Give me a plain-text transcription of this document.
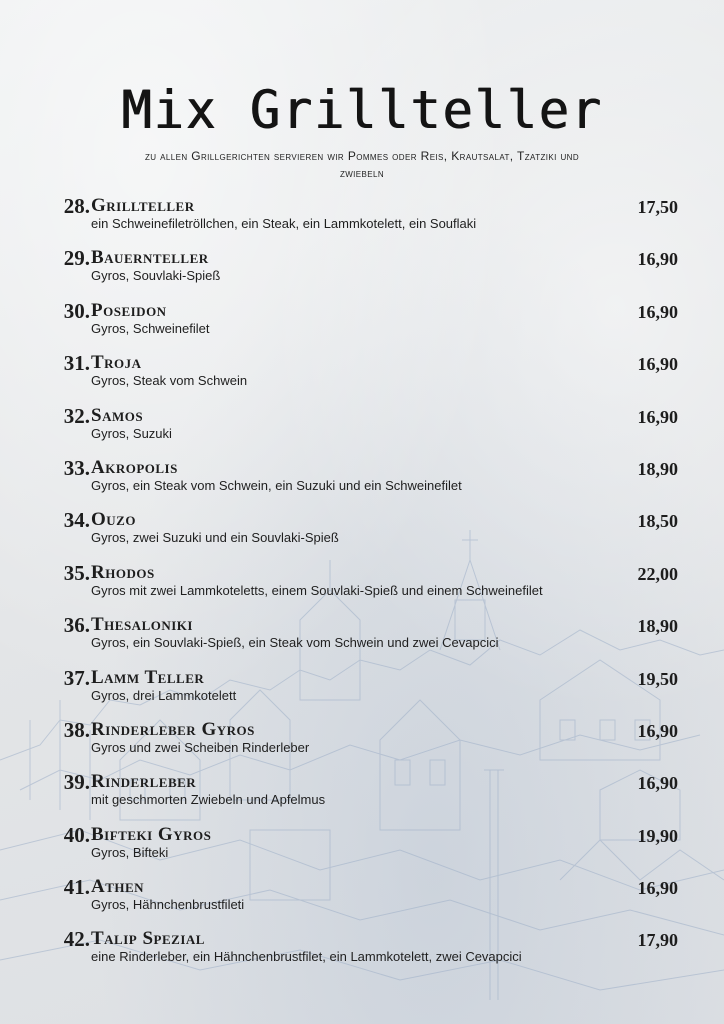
Mix Grillteller
zu allen Grillgerichten servieren wir Pommes oder Reis, Krautsalat, Tzatziki und zwiebeln
28. Grillteller
ein Schweinefiletröllchen, ein Steak, ein Lammkotelett, ein Souflaki
17,50
29. Bauernteller
Gyros, Souvlaki-Spieß
16,90
30. Poseidon
Gyros, Schweinefilet
16,90
31. Troja
Gyros, Steak vom Schwein
16,90
32. Samos
Gyros, Suzuki
16,90
33. Akropolis
Gyros, ein Steak vom Schwein, ein Suzuki und ein Schweinefilet
18,90
34. Ouzo
Gyros, zwei Suzuki und ein Souvlaki-Spieß
18,50
35. Rhodos
Gyros mit zwei Lammkoteletts, einem Souvlaki-Spieß und einem Schweinefilet
22,00
36. Thesaloniki
Gyros, ein Souvlaki-Spieß, ein Steak vom Schwein und zwei Cevapcici
18,90
37. Lamm Teller
Gyros, drei Lammkotelett
19,50
38. Rinderleber Gyros
Gyros und zwei Scheiben Rinderleber
16,90
39. Rinderleber
mit geschmorten Zwiebeln und Apfelmus
16,90
40. Bifteki Gyros
Gyros, Bifteki
19,90
41. Athen
Gyros, Hähnchenbrustfileti
16,90
42. Talip Spezial
eine Rinderleber, ein Hähnchenbrustfilet, ein Lammkotelett, zwei Cevapcici
17,90
